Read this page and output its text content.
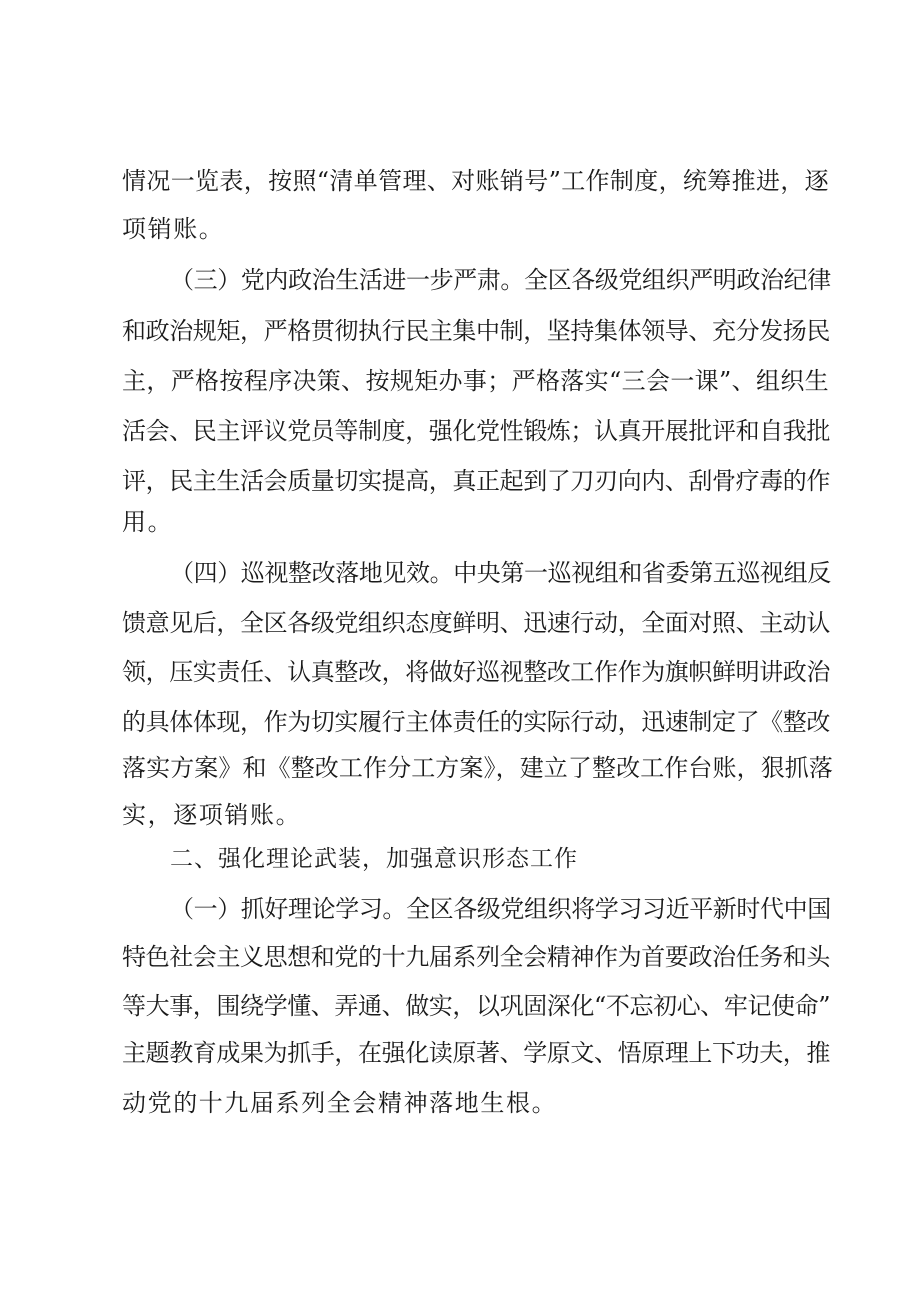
情况一览表，按照“清单管理、对账销号”工作制度，统筹推进，逐
项销账。
（三）党内政治生活进一步严肃。全区各级党组织严明政治纪律
和政治规矩，严格贯彻执行民主集中制，坚持集体领导、充分发扬民
主，严格按程序决策、按规矩办事；严格落实“三会一课”、组织生
活会、民主评议党员等制度，强化党性锻炼；认真开展批评和自我批
评，民主生活会质量切实提高，真正起到了刀刃向内、刮骨疗毒的作
用。
（四）巡视整改落地见效。中央第一巡视组和省委第五巡视组反
馈意见后，全区各级党组织态度鲜明、迅速行动，全面对照、主动认
领，压实责任、认真整改，将做好巡视整改工作作为旗帜鲜明讲政治
的具体体现，作为切实履行主体责任的实际行动，迅速制定了《整改
落实方案》和《整改工作分工方案》，建立了整改工作台账，狠抓落
实，逐项销账。
二、强化理论武装，加强意识形态工作
（一）抓好理论学习。全区各级党组织将学习习近平新时代中国
特色社会主义思想和党的十九届系列全会精神作为首要政治任务和头
等大事，围绕学懂、弄通、做实，以巩固深化“不忘初心、牢记使命”
主题教育成果为抓手，在强化读原著、学原文、悟原理上下功夫，推
动党的十九届系列全会精神落地生根。
